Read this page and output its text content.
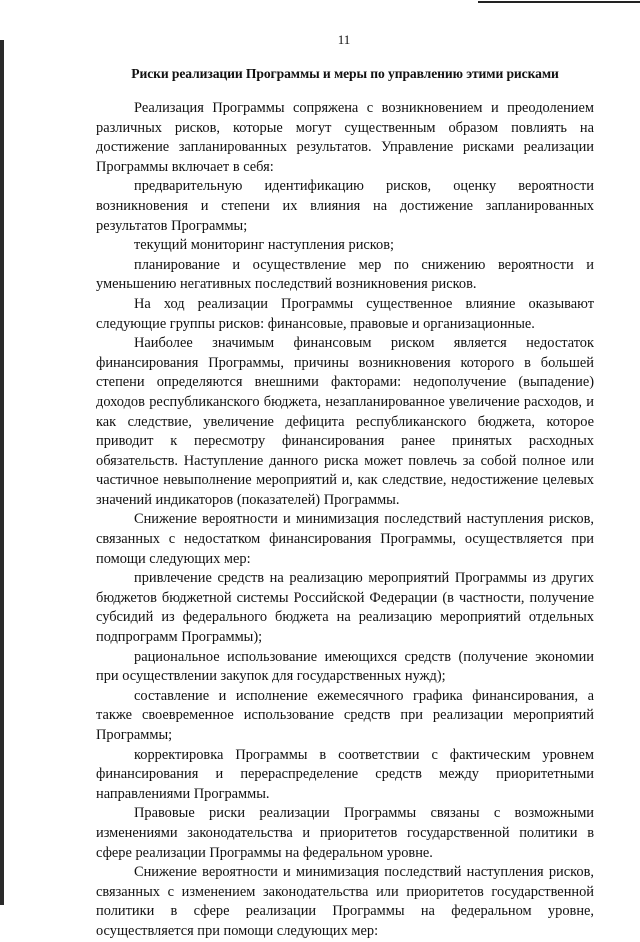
11
Риски реализации Программы и меры по управлению этими рисками

Реализация Программы сопряжена с возникновением и преодолением различных рисков, которые могут существенным образом повлиять на достижение запланированных результатов. Управление рисками реализации Программы включает в себя:

предварительную идентификацию рисков, оценку вероятности возникновения и степени их влияния на достижение запланированных результатов Программы;

текущий мониторинг наступления рисков;

планирование и осуществление мер по снижению вероятности и уменьшению негативных последствий возникновения рисков.

На ход реализации Программы существенное влияние оказывают следующие группы рисков: финансовые, правовые и организационные.

Наиболее значимым финансовым риском является недостаток финансирования Программы, причины возникновения которого в большей степени определяются внешними факторами: недополучение (выпадение) доходов республиканского бюджета, незапланированное увеличение расходов, и как следствие, увеличение дефицита республиканского бюджета, которое приводит к пересмотру финансирования ранее принятых расходных обязательств. Наступление данного риска может повлечь за собой полное или частичное невыполнение мероприятий и, как следствие, недостижение целевых значений индикаторов (показателей) Программы.

Снижение вероятности и минимизация последствий наступления рисков, связанных с недостатком финансирования Программы, осуществляется при помощи следующих мер:

привлечение средств на реализацию мероприятий Программы из других бюджетов бюджетной системы Российской Федерации (в частности, получение субсидий из федерального бюджета на реализацию мероприятий отдельных подпрограмм Программы);

рациональное использование имеющихся средств (получение экономии при осуществлении закупок для государственных нужд);

составление и исполнение ежемесячного графика финансирования, а также своевременное использование средств при реализации мероприятий Программы;

корректировка Программы в соответствии с фактическим уровнем финансирования и перераспределение средств между приоритетными направлениями Программы.

Правовые риски реализации Программы связаны с возможными изменениями законодательства и приоритетов государственной политики в сфере реализации Программы на федеральном уровне.

Снижение вероятности и минимизация последствий наступления рисков, связанных с изменением законодательства или приоритетов государственной политики в сфере реализации Программы на федеральном уровне, осуществляется при помощи следующих мер:
